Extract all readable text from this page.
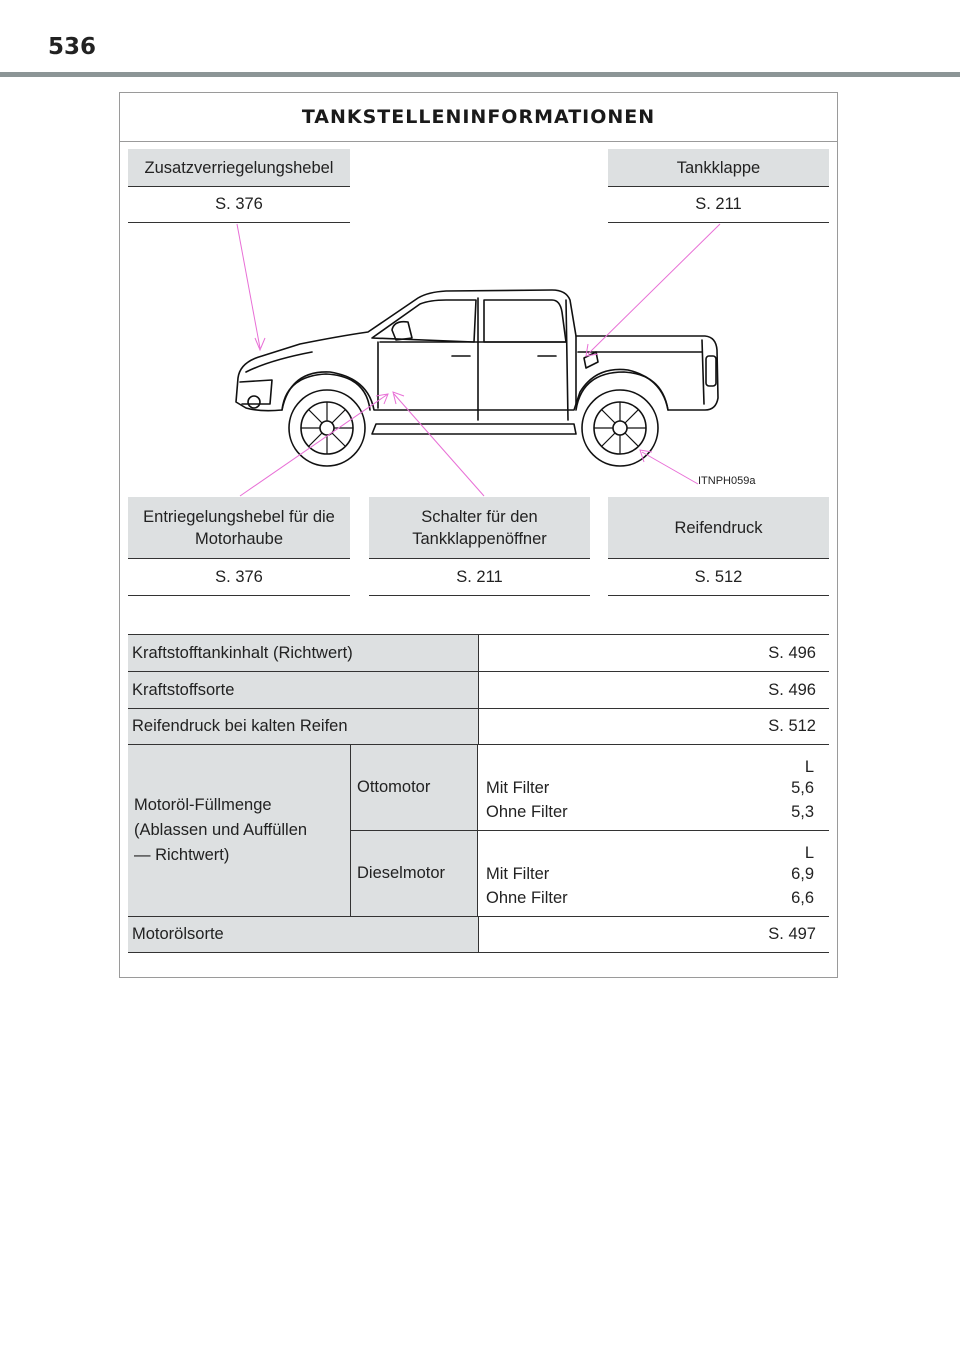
536
TANKSTELLENINFORMATIONEN
Zusatzverriegelungshebel
S. 376
Tankklappe
S. 211
ITNPH059a
Entriegelungshebel für die Motorhaube
S. 376
Schalter für den Tankklappenöffner
S. 211
Reifendruck
S. 512
Kraftstofftankinhalt (Richtwert)	S. 496
Kraftstoffsorte	S. 496
Reifendruck bei kalten Reifen	S. 512
Motoröl-Füllmenge (Ablassen und Auffüllen — Richtwert)
Ottomotor
L
Mit Filter	5,6
Ohne Filter	5,3
Dieselmotor
L
Mit Filter	6,9
Ohne Filter	6,6
Motorölsorte	S. 497
